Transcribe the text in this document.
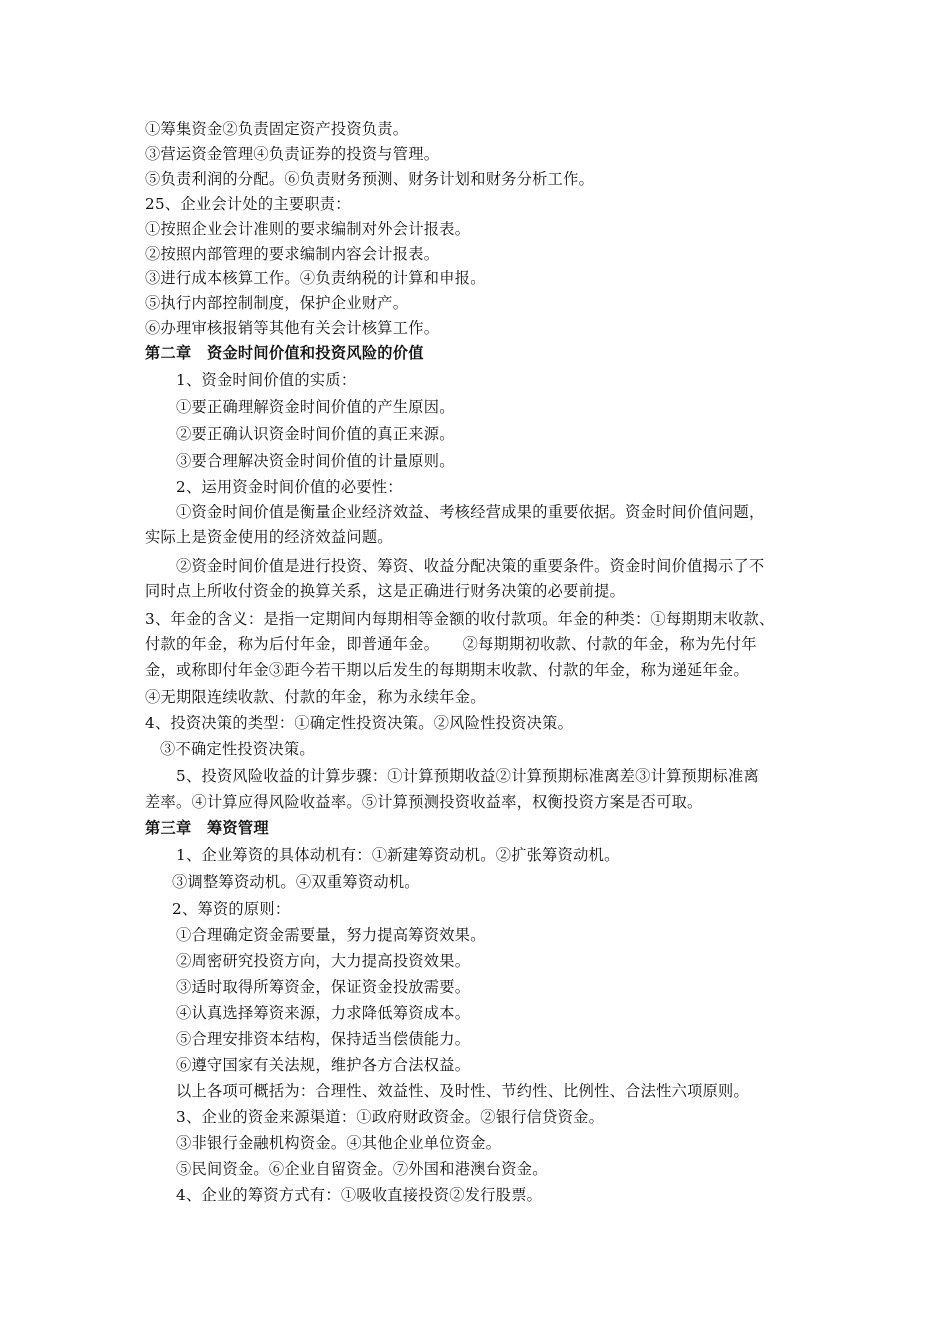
①筹集资金②负责固定资产投资负责。
③营运资金管理④负责证券的投资与管理。
⑤负责利润的分配。⑥负责财务预测、财务计划和财务分析工作。
25、企业会计处的主要职责：
①按照企业会计准则的要求编制对外会计报表。
②按照内部管理的要求编制内容会计报表。
③进行成本核算工作。④负责纳税的计算和申报。
⑤执行内部控制制度，保护企业财产。
⑥办理审核报销等其他有关会计核算工作。
第二章　资金时间价值和投资风险的价值
1、资金时间价值的实质：
①要正确理解资金时间价值的产生原因。
②要正确认识资金时间价值的真正来源。
③要合理解决资金时间价值的计量原则。
2、运用资金时间价值的必要性：
①资金时间价值是衡量企业经济效益、考核经营成果的重要依据。资金时间价值问题，
实际上是资金使用的经济效益问题。
②资金时间价值是进行投资、筹资、收益分配决策的重要条件。资金时间价值揭示了不
同时点上所收付资金的换算关系，这是正确进行财务决策的必要前提。
3、年金的含义：是指一定期间内每期相等金额的收付款项。年金的种类：①每期期末收款、
付款的年金，称为后付年金，即普通年金。　　②每期期初收款、付款的年金，称为先付年
金，或称即付年金③距今若干期以后发生的每期期末收款、付款的年金，称为递延年金。
④无期限连续收款、付款的年金，称为永续年金。
4、投资决策的类型：①确定性投资决策。②风险性投资决策。
③不确定性投资决策。
5、投资风险收益的计算步骤：①计算预期收益②计算预期标准离差③计算预期标准离
差率。④计算应得风险收益率。⑤计算预测投资收益率，权衡投资方案是否可取。
第三章　筹资管理
1、企业筹资的具体动机有：①新建筹资动机。②扩张筹资动机。
③调整筹资动机。④双重筹资动机。
2、筹资的原则：
①合理确定资金需要量，努力提高筹资效果。
②周密研究投资方向，大力提高投资效果。
③适时取得所筹资金，保证资金投放需要。
④认真选择筹资来源，力求降低筹资成本。
⑤合理安排资本结构，保持适当偿债能力。
⑥遵守国家有关法规，维护各方合法权益。
以上各项可概括为：合理性、效益性、及时性、节约性、比例性、合法性六项原则。
3、企业的资金来源渠道：①政府财政资金。②银行信贷资金。
③非银行金融机构资金。④其他企业单位资金。
⑤民间资金。⑥企业自留资金。⑦外国和港澳台资金。
4、企业的筹资方式有：①吸收直接投资②发行股票。
